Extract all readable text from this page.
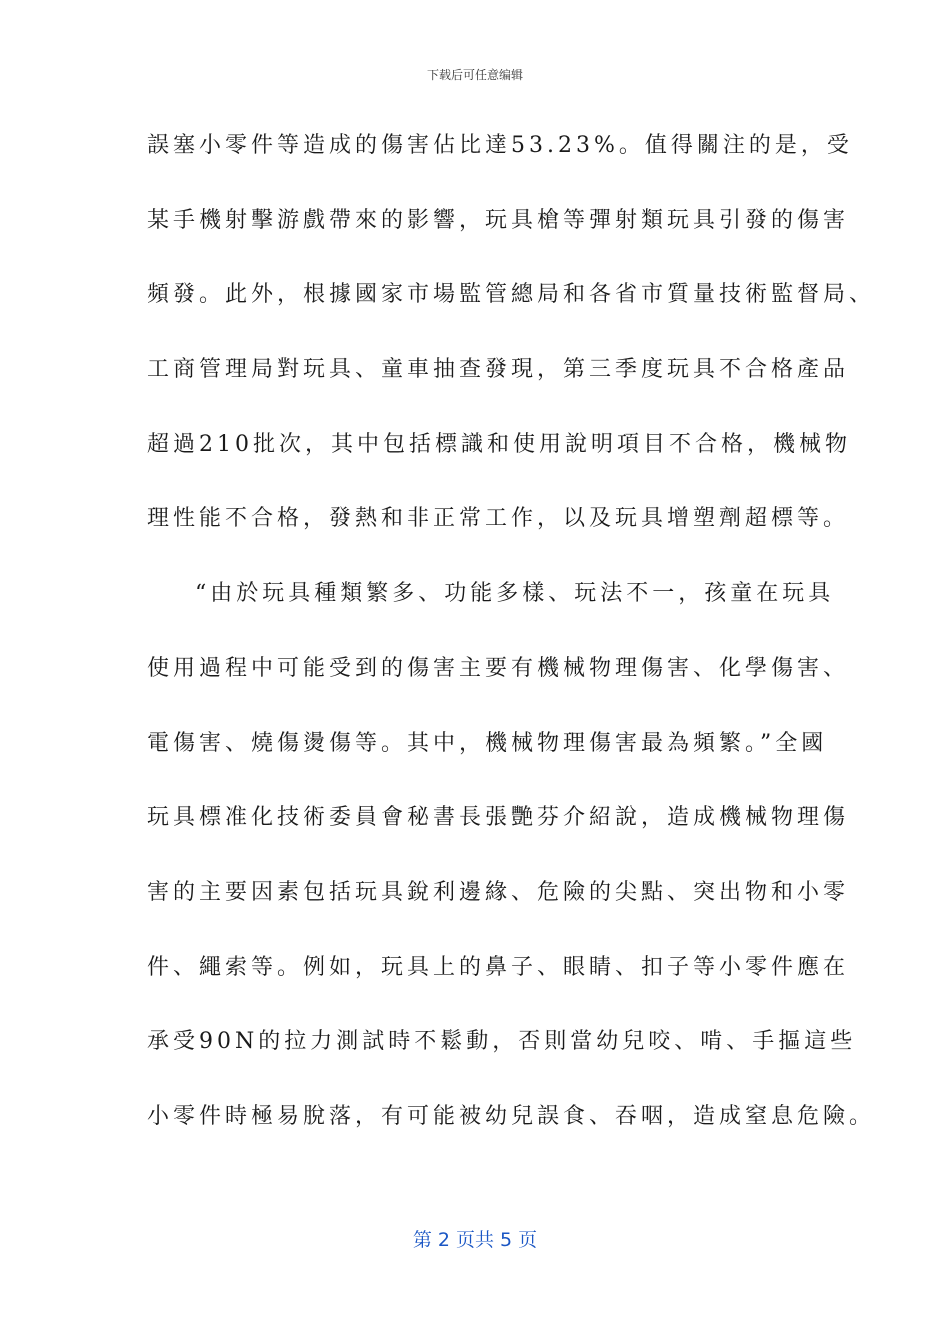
下载后可任意编辑
誤塞小零件等造成的傷害佔比達53.23%。值得關注的是，受
某手機射擊游戲帶來的影響，玩具槍等彈射類玩具引發的傷害
頻發。此外，根據國家市場監管總局和各省市質量技術監督局、
工商管理局對玩具、童車抽查發現，第三季度玩具不合格產品
超過210批次，其中包括標識和使用說明項目不合格，機械物
理性能不合格，發熱和非正常工作，以及玩具增塑劑超標等。
“由於玩具種類繁多、功能多樣、玩法不一，孩童在玩具
使用過程中可能受到的傷害主要有機械物理傷害、化學傷害、
電傷害、燒傷燙傷等。其中，機械物理傷害最為頻繁。”全國
玩具標准化技術委員會秘書長張艷芬介紹說，造成機械物理傷
害的主要因素包括玩具銳利邊緣、危險的尖點、突出物和小零
件、繩索等。例如，玩具上的鼻子、眼睛、扣子等小零件應在
承受90N的拉力測試時不鬆動，否則當幼兒咬、啃、手摳這些
小零件時極易脫落，有可能被幼兒誤食、吞咽，造成窒息危險。
第 2 页共 5 页
